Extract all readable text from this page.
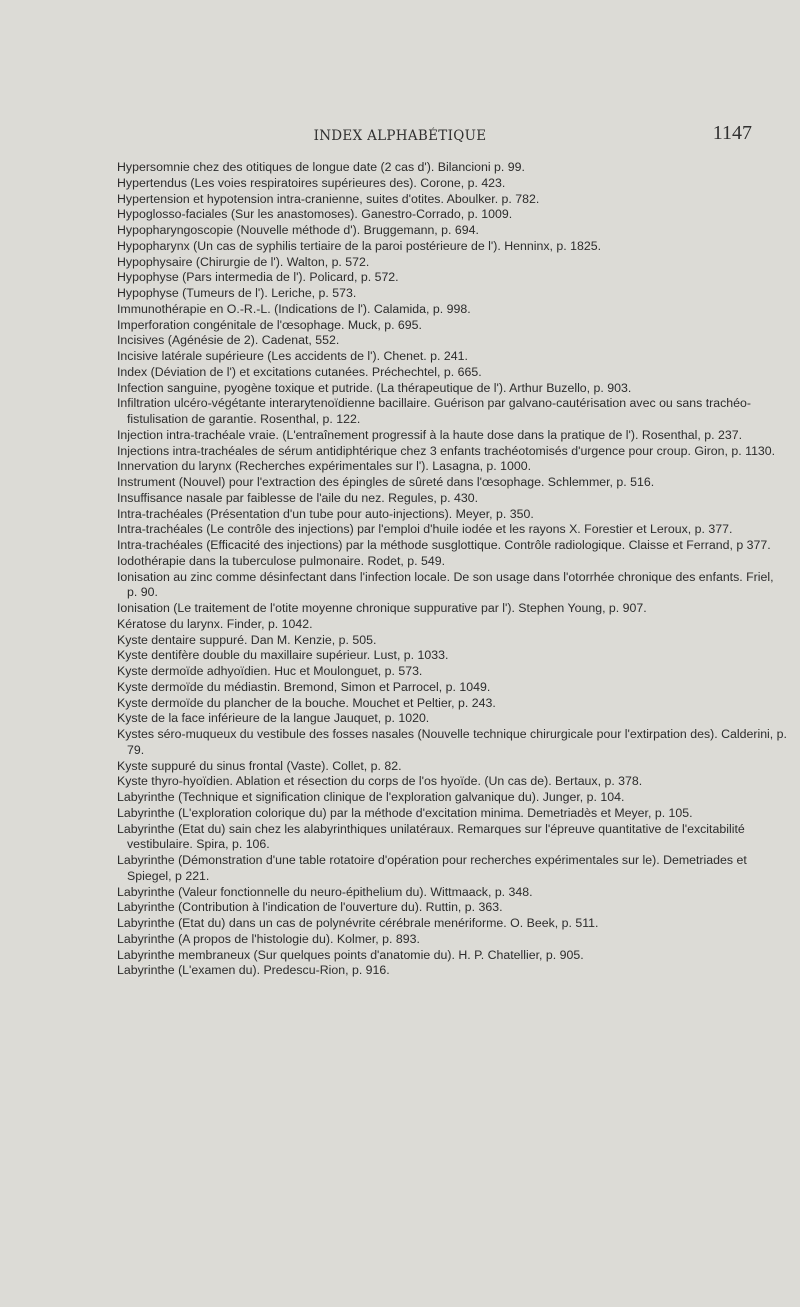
INDEX ALPHABÉTIQUE	1147

Hypersomnie chez des otitiques de longue date (2 cas d'). Bilancioni p. 99.

Hypertendus (Les voies respiratoires supérieures des). Corone, p. 423.

Hypertension et hypotension intra-cranienne, suites d'otites. Aboulker. p. 782.

Hypoglosso-faciales (Sur les anastomoses). Ganestro-Corrado, p. 1009.

Hypopharyngoscopie (Nouvelle méthode d'). Bruggemann, p. 694.

Hypopharynx (Un cas de syphilis tertiaire de la paroi postérieure de l'). Henninx, p. 1825.

Hypophysaire (Chirurgie de l'). Walton, p. 572.

Hypophyse (Pars intermedia de l'). Policard, p. 572.

Hypophyse (Tumeurs de l'). Leriche, p. 573.

Immunothérapie en O.-R.-L. (Indications de l'). Calamida, p. 998.

Imperforation congénitale de l'œsophage. Muck, p. 695.

Incisives (Agénésie de 2). Cadenat, 552.

Incisive latérale supérieure (Les accidents de l'). Chenet. p. 241.

Index (Déviation de l') et excitations cutanées. Préchechtel, p. 665.

Infection sanguine, pyogène toxique et putride. (La thérapeutique de l'). Arthur Buzello, p. 903.

Infiltration ulcéro-végétante interarytenoïdienne bacillaire. Guérison par galvano-cautérisation avec ou sans trachéo-fistulisation de garantie. Rosenthal, p. 122.

Injection intra-trachéale vraie. (L'entraînement progressif à la haute dose dans la pratique de l'). Rosenthal, p. 237.

Injections intra-trachéales de sérum antidiphtérique chez 3 enfants trachéotomisés d'urgence pour croup. Giron, p. 1130.

Innervation du larynx (Recherches expérimentales sur l'). Lasagna, p. 1000.

Instrument (Nouvel) pour l'extraction des épingles de sûreté dans l'œsophage. Schlemmer, p. 516.

Insuffisance nasale par faiblesse de l'aile du nez. Regules, p. 430.

Intra-trachéales (Présentation d'un tube pour auto-injections). Meyer, p. 350.

Intra-trachéales (Le contrôle des injections) par l'emploi d'huile iodée et les rayons X. Forestier et Leroux, p. 377.

Intra-trachéales (Efficacité des injections) par la méthode susglottique. Contrôle radiologique. Claisse et Ferrand, p 377.

Iodothérapie dans la tuberculose pulmonaire. Rodet, p. 549.

Ionisation au zinc comme désinfectant dans l'infection locale. De son usage dans l'otorrhée chronique des enfants. Friel, p. 90.

Ionisation (Le traitement de l'otite moyenne chronique suppurative par l'). Stephen Young, p. 907.

Kératose du larynx. Finder, p. 1042.

Kyste dentaire suppuré. Dan M. Kenzie, p. 505.

Kyste dentifère double du maxillaire supérieur. Lust, p. 1033.

Kyste dermoïde adhyoïdien. Huc et Moulonguet, p. 573.

Kyste dermoïde du médiastin. Bremond, Simon et Parrocel, p. 1049.

Kyste dermoïde du plancher de la bouche. Mouchet et Peltier, p. 243.

Kyste de la face inférieure de la langue Jauquet, p. 1020.

Kystes séro-muqueux du vestibule des fosses nasales (Nouvelle technique chirurgicale pour l'extirpation des). Calderini, p. 79.

Kyste suppuré du sinus frontal (Vaste). Collet, p. 82.

Kyste thyro-hyoïdien. Ablation et résection du corps de l'os hyoïde. (Un cas de). Bertaux, p. 378.

Labyrinthe (Technique et signification clinique de l'exploration galvanique du). Junger, p. 104.

Labyrinthe (L'exploration colorique du) par la méthode d'excitation minima. Demetriadès et Meyer, p. 105.

Labyrinthe (Etat du) sain chez les alabyrinthiques unilatéraux. Remarques sur l'épreuve quantitative de l'excitabilité vestibulaire. Spira, p. 106.

Labyrinthe (Démonstration d'une table rotatoire d'opération pour recherches expérimentales sur le). Demetriades et Spiegel, p 221.

Labyrinthe (Valeur fonctionnelle du neuro-épithelium du). Wittmaack, p. 348.

Labyrinthe (Contribution à l'indication de l'ouverture du). Ruttin, p. 363.

Labyrinthe (Etat du) dans un cas de polynévrite cérébrale menériforme. O. Beek, p. 511.

Labyrinthe (A propos de l'histologie du). Kolmer, p. 893.

Labyrinthe membraneux (Sur quelques points d'anatomie du). H. P. Chatellier, p. 905.

Labyrinthe (L'examen du). Predescu-Rion, p. 916.
